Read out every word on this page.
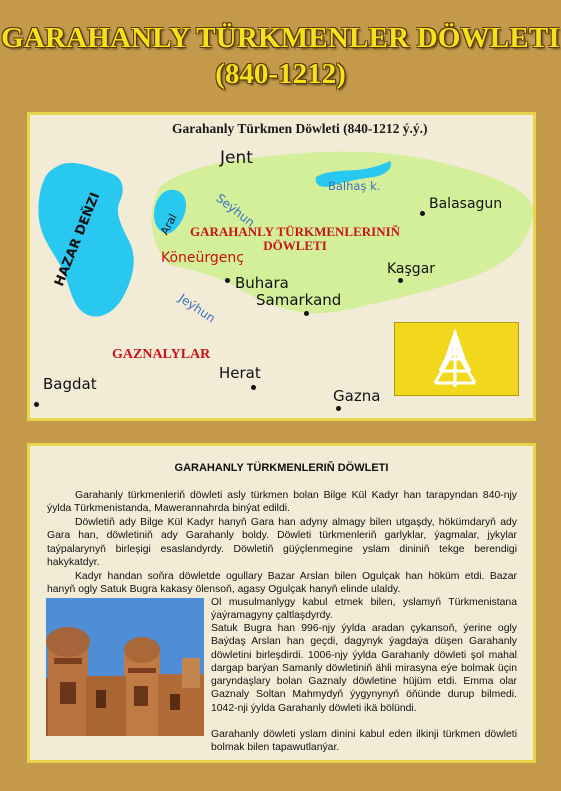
GARAHANLY TÜRKMENLER DÖWLETI
(840-1212)
Garahanly Türkmen Döwleti (840-1212 ý.ý.)
HAZAR DEŇZI	Aral
Balhaş k.
Seýhun
Jeýhun
GARAHANLY TÜRKMENLERINIŇ
DÖWLETI
GAZNALYLAR
Jent
Balasagun
Köneürgenç
Buhara
Kaşgar
Samarkand
Bagdat
Herat
Gazna
GARAHANLY TÜRKMENLERIŇ DÖWLETI
Garahanly türkmenleriň döwleti asly türkmen bolan Bilge Kül Kadyr han tarapyndan 840-njy ýylda Türkmenistanda, Mawerannahrda binýat edildi.
Döwletiň ady Bilge Kül Kadyr hanyň Gara han adyny almagy bilen utgaşdy, hökümdaryň ady Gara han, döwletiniň ady Garahanly boldy. Döwleti türkmenleriň garlyklar, ýagmalar, jykylar taýpalarynyň birleşigi esaslandyrdy. Döwletiň güýçlenmegine yslam dininiň tekge berendigi hakykatdyr.
Kadyr handan soňra döwletde ogullary Bazar Arslan bilen Ogulçak han höküm etdi. Bazar hanyň ogly Satuk Bugra kakasy ölensoň, agasy Ogulçak hanyň elinde ulaldy.
Ol musulmanlygy kabul etmek bilen, yslamyň Türkmenistana ýaýramagyny çaltlaşdyrdy.
Satuk Bugra han 996-njy ýylda aradan çykansoň, ýerine ogly Baýdaş Arslan han geçdi, dagynyk ýagdaýa düşen Garahanly döwletini birleşdirdi. 1006-njy ýylda Garahanly döwleti şol mahal dargap barýan Samanly döwletiniň ähli mirasyna eýe bolmak üçin garyndaşlary bolan Gaznaly döwletine hüjüm etdi. Emma olar Gaznaly Soltan Mahmydyň ýygynynyň öňünde durup bilmedi. 1042-nji ýylda Garahanly döwleti ikä bölündi.
Garahanly döwleti yslam dinini kabul eden ilkinji türkmen döwleti bolmak bilen tapawutlanýar.
